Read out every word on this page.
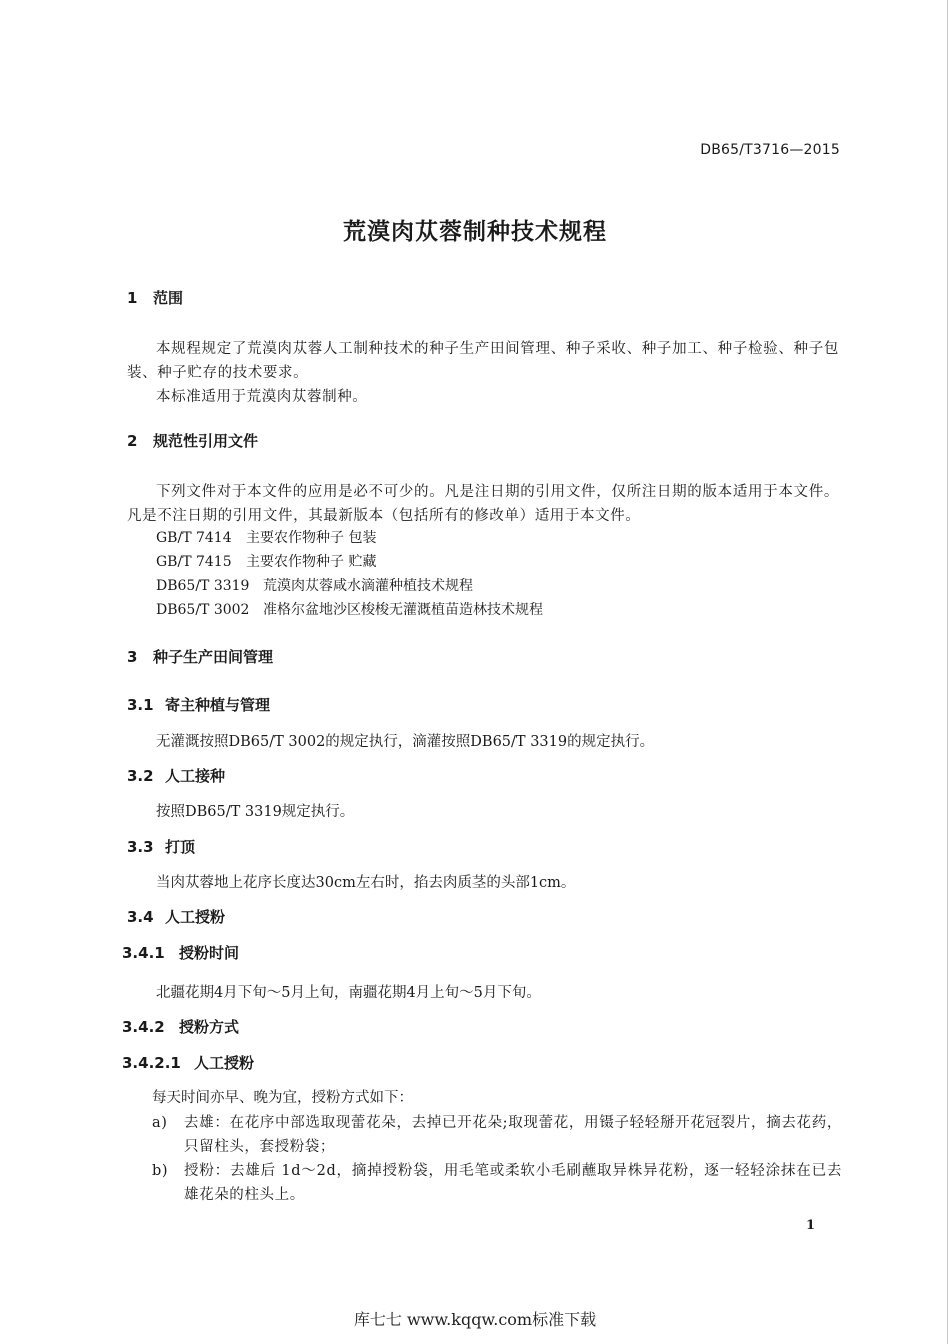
DB65/T3716—2015
荒漠肉苁蓉制种技术规程
1 范围
本规程规定了荒漠肉苁蓉人工制种技术的种子生产田间管理、种子采收、种子加工、种子检验、种子包装、种子贮存的技术要求。
本标准适用于荒漠肉苁蓉制种。
2 规范性引用文件
下列文件对于本文件的应用是必不可少的。凡是注日期的引用文件，仅所注日期的版本适用于本文件。凡是不注日期的引用文件，其最新版本（包括所有的修改单）适用于本文件。
GB/T 7414 主要农作物种子 包装
GB/T 7415 主要农作物种子 贮藏
DB65/T 3319 荒漠肉苁蓉咸水滴灌种植技术规程
DB65/T 3002 准格尔盆地沙区梭梭无灌溉植苗造林技术规程
3 种子生产田间管理
3.1 寄主种植与管理
无灌溉按照DB65/T 3002的规定执行，滴灌按照DB65/T 3319的规定执行。
3.2 人工接种
按照DB65/T 3319规定执行。
3.3 打顶
当肉苁蓉地上花序长度达30cm左右时，掐去肉质茎的头部1cm。
3.4 人工授粉
3.4.1 授粉时间
北疆花期4月下旬～5月上旬，南疆花期4月上旬～5月下旬。
3.4.2 授粉方式
3.4.2.1 人工授粉
每天时间亦早、晚为宜，授粉方式如下：
a) 去雄：在花序中部选取现蕾花朵，去掉已开花朵;取现蕾花，用镊子轻轻掰开花冠裂片，摘去花药，只留柱头，套授粉袋；
b) 授粉：去雄后 1d～2d，摘掉授粉袋，用毛笔或柔软小毛刷蘸取异株异花粉，逐一轻轻涂抹在已去雄花朵的柱头上。
1
库七七 www.kqqw.com标准下载
